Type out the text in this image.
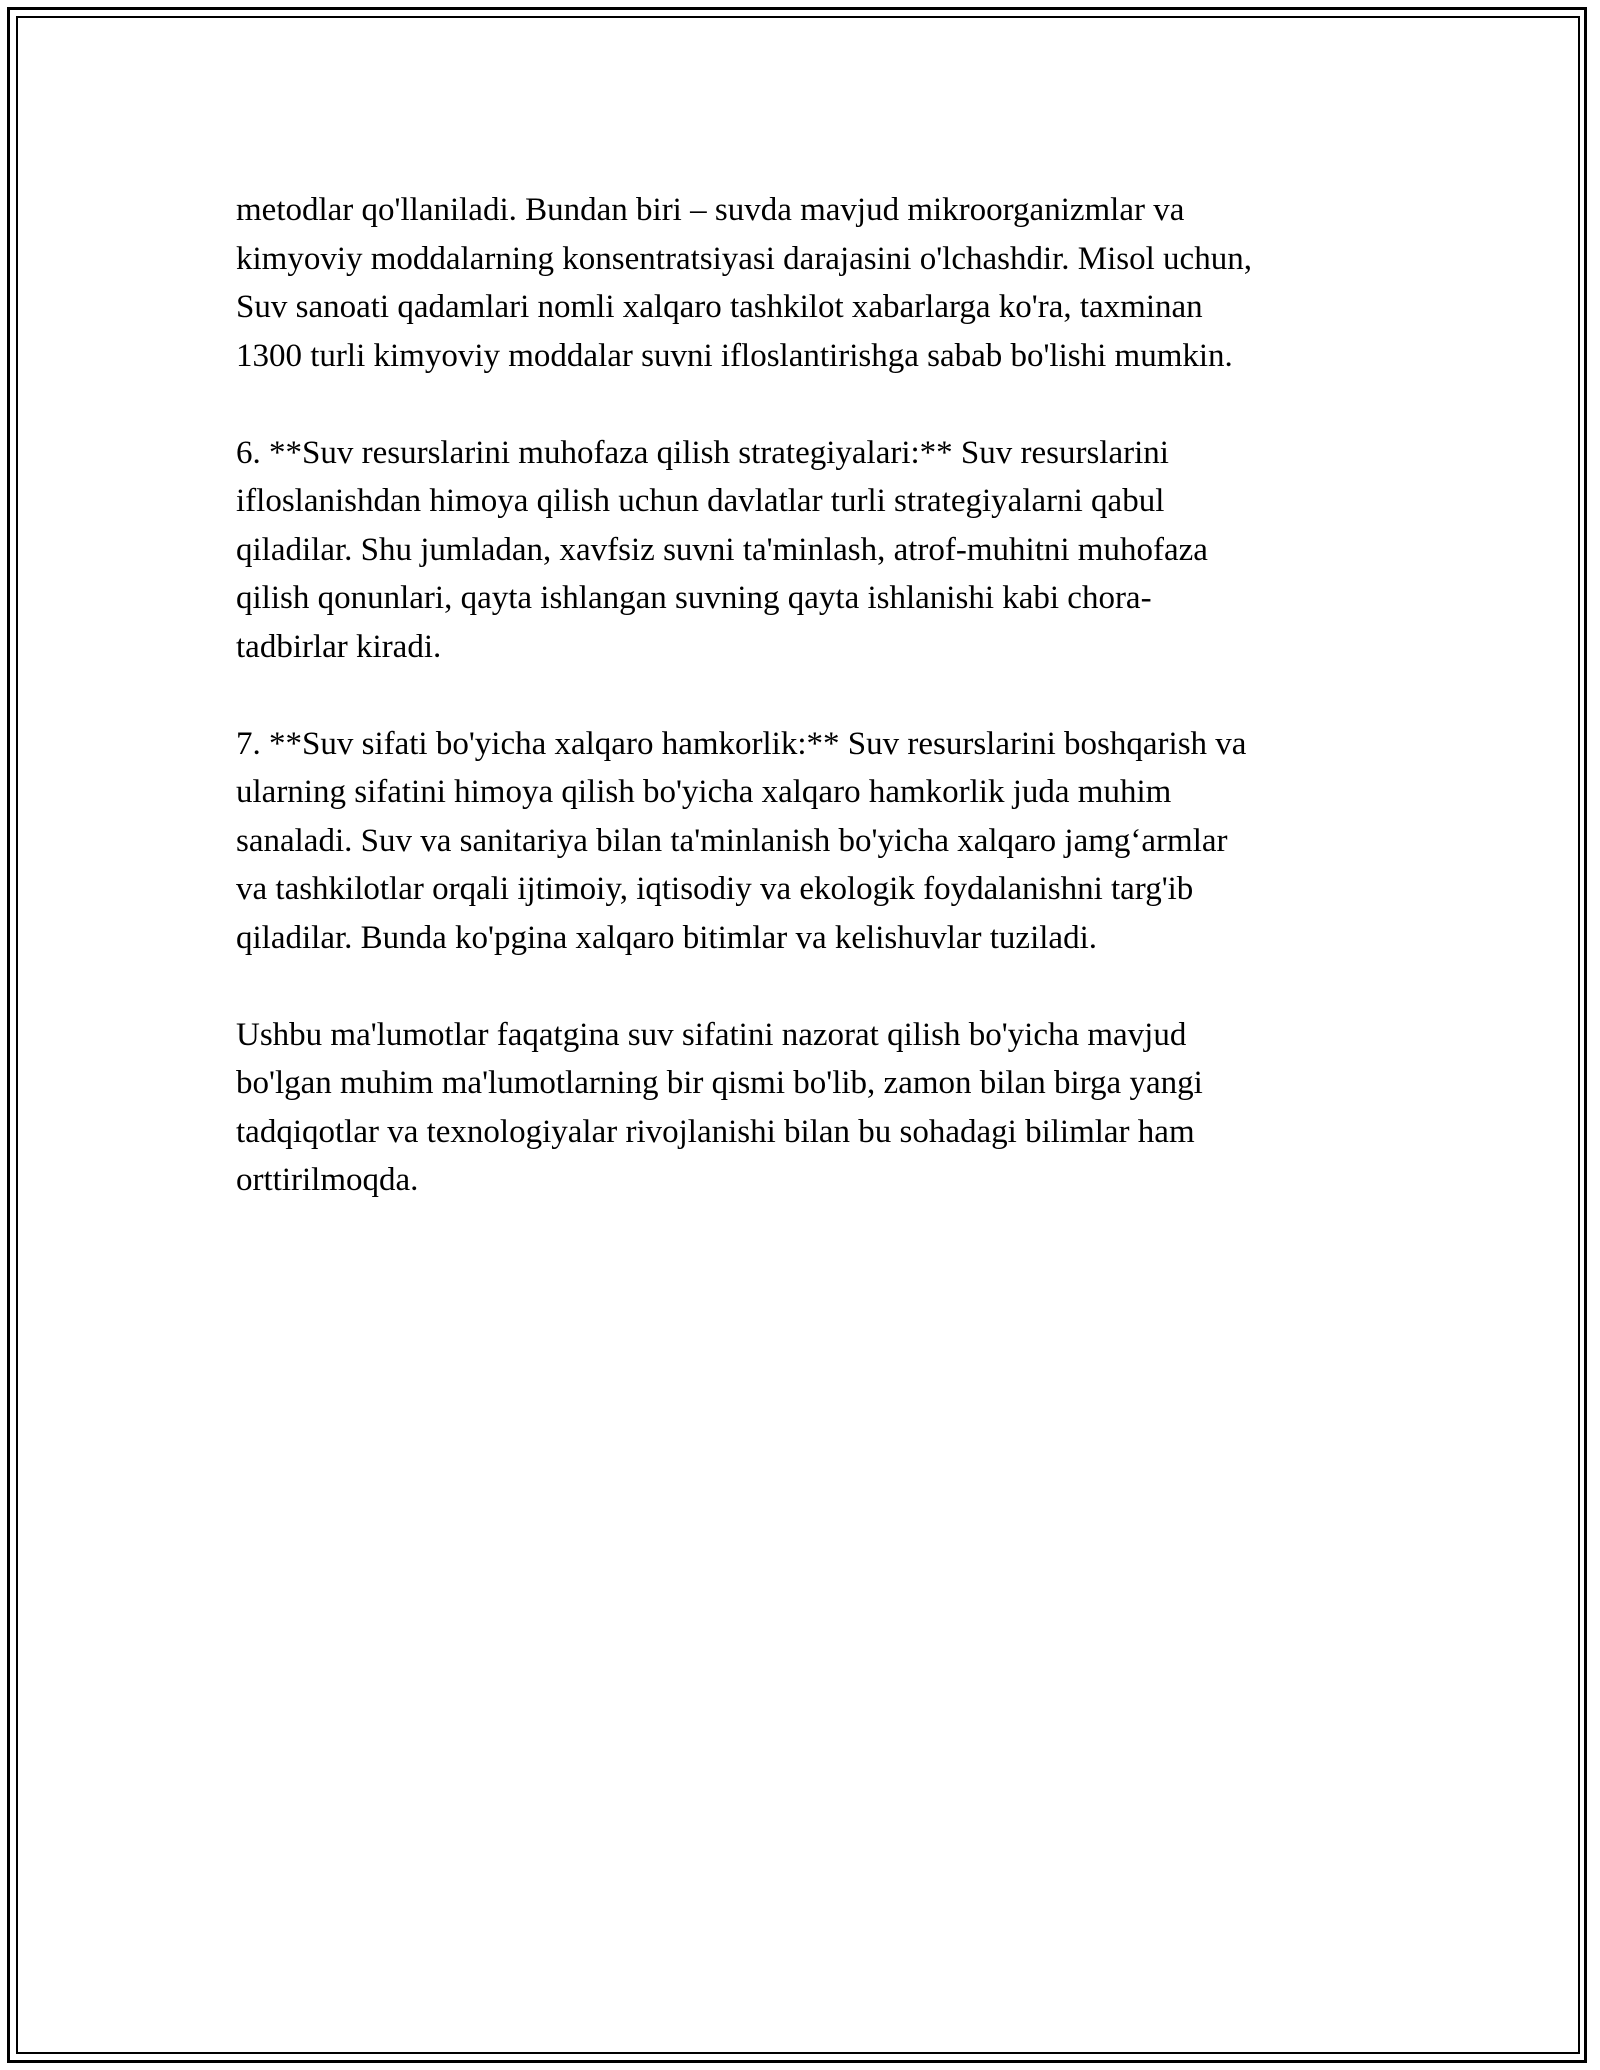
metodlar qo'llaniladi. Bundan biri – suvda mavjud mikroorganizmlar va
kimyoviy moddalarning konsentratsiyasi darajasini o'lchashdir. Misol uchun,
Suv sanoati qadamlari nomli xalqaro tashkilot xabarlarga ko'ra, taxminan
1300 turli kimyoviy moddalar suvni ifloslantirishga sabab bo'lishi mumkin.

6. **Suv resurslarini muhofaza qilish strategiyalari:** Suv resurslarini
ifloslanishdan himoya qilish uchun davlatlar turli strategiyalarni qabul
qiladilar. Shu jumladan, xavfsiz suvni ta'minlash, atrof-muhitni muhofaza
qilish qonunlari, qayta ishlangan suvning qayta ishlanishi kabi chora-
tadbirlar kiradi.

7. **Suv sifati bo'yicha xalqaro hamkorlik:** Suv resurslarini boshqarish va
ularning sifatini himoya qilish bo'yicha xalqaro hamkorlik juda muhim
sanaladi. Suv va sanitariya bilan ta'minlanish bo'yicha xalqaro jamg‘armlar
va tashkilotlar orqali ijtimoiy, iqtisodiy va ekologik foydalanishni targ'ib
qiladilar. Bunda ko'pgina xalqaro bitimlar va kelishuvlar tuziladi.

Ushbu ma'lumotlar faqatgina suv sifatini nazorat qilish bo'yicha mavjud
bo'lgan muhim ma'lumotlarning bir qismi bo'lib, zamon bilan birga yangi
tadqiqotlar va texnologiyalar rivojlanishi bilan bu sohadagi bilimlar ham
orttirilmoqda.
